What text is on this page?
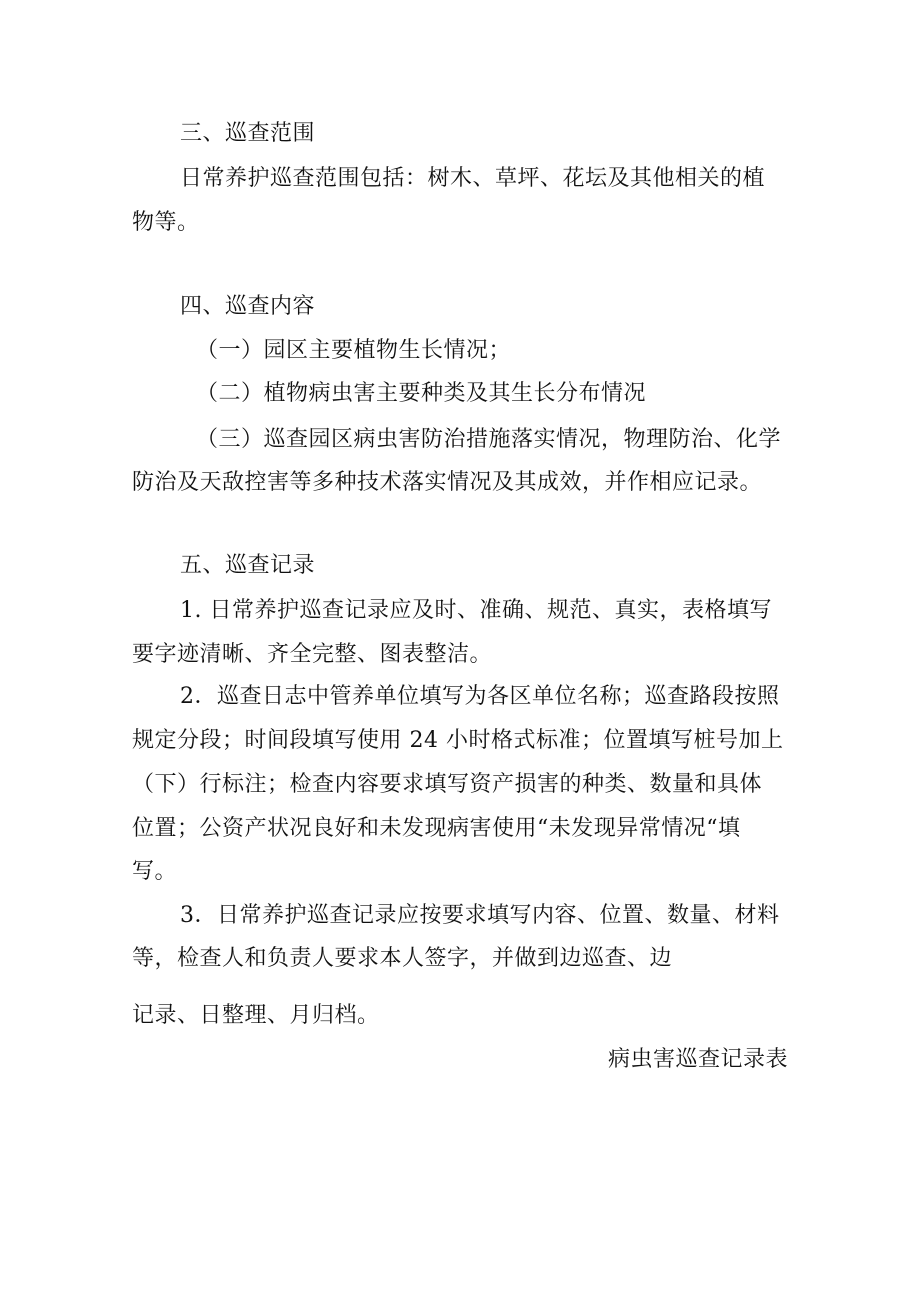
三、巡查范围
日常养护巡查范围包括：树木、草坪、花坛及其他相关的植
物等。
四、巡查内容
（一）园区主要植物生长情况；
（二）植物病虫害主要种类及其生长分布情况
（三）巡查园区病虫害防治措施落实情况，物理防治、化学
防治及天敌控害等多种技术落实情况及其成效，并作相应记录。
五、巡查记录
1. 日常养护巡查记录应及时、准确、规范、真实，表格填写
要字迹清晰、齐全完整、图表整洁。
2．巡查日志中管养单位填写为各区单位名称；巡查路段按照
规定分段；时间段填写使用 24 小时格式标准；位置填写桩号加上
（下）行标注；检查内容要求填写资产损害的种类、数量和具体
位置；公资产状况良好和未发现病害使用“未发现异常情况“填
写。
3．日常养护巡查记录应按要求填写内容、位置、数量、材料
等，检查人和负责人要求本人签字，并做到边巡查、边
记录、日整理、月归档。
病虫害巡查记录表
